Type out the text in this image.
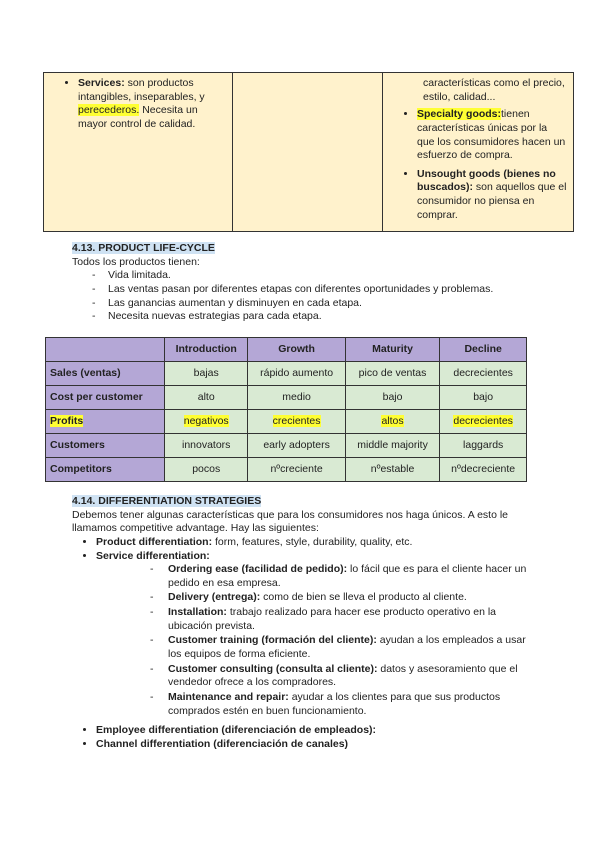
• Services: son productos intangibles, inseparables, y perecederos. Necesita un mayor control de calidad.

características como el precio, estilo, calidad...
• Specialty goods:tienen características únicas por la que los consumidores hacen un esfuerzo de compra.
• Unsought goods (bienes no buscados): son aquellos que el consumidor no piensa en comprar.
4.13. PRODUCT LIFE-CYCLE
Todos los productos tienen:
- Vida limitada.
- Las ventas pasan por diferentes etapas con diferentes oportunidades y problemas.
- Las ganancias aumentan y disminuyen en cada etapa.
- Necesita nuevas estrategias para cada etapa.
	Introduction	Growth	Maturity	Decline
Sales (ventas)	bajas	rápido aumento	pico de ventas	decrecientes
Cost per customer	alto	medio	bajo	bajo
Profits	negativos	crecientes	altos	decrecientes
Customers	innovators	early adopters	middle majority	laggards
Competitors	pocos	nºcreciente	nºestable	nºdecreciente
4.14. DIFFERENTIATION STRATEGIES
Debemos tener algunas características que para los consumidores nos haga únicos. A esto le llamamos competitive advantage. Hay las siguientes:
• Product differentiation: form, features, style, durability, quality, etc.
• Service differentiation:
- Ordering ease (facilidad de pedido): lo fácil que es para el cliente hacer un pedido en esa empresa.
- Delivery (entrega): como de bien se lleva el producto al cliente.
- Installation: trabajo realizado para hacer ese producto operativo en la ubicación prevista.
- Customer training (formación del cliente): ayudan a los empleados a usar los equipos de forma eficiente.
- Customer consulting (consulta al cliente): datos y asesoramiento que el vendedor ofrece a los compradores.
- Maintenance and repair: ayudar a los clientes para que sus productos comprados estén en buen funcionamiento.
• Employee differentiation (diferenciación de empleados):
• Channel differentiation (diferenciación de canales)
